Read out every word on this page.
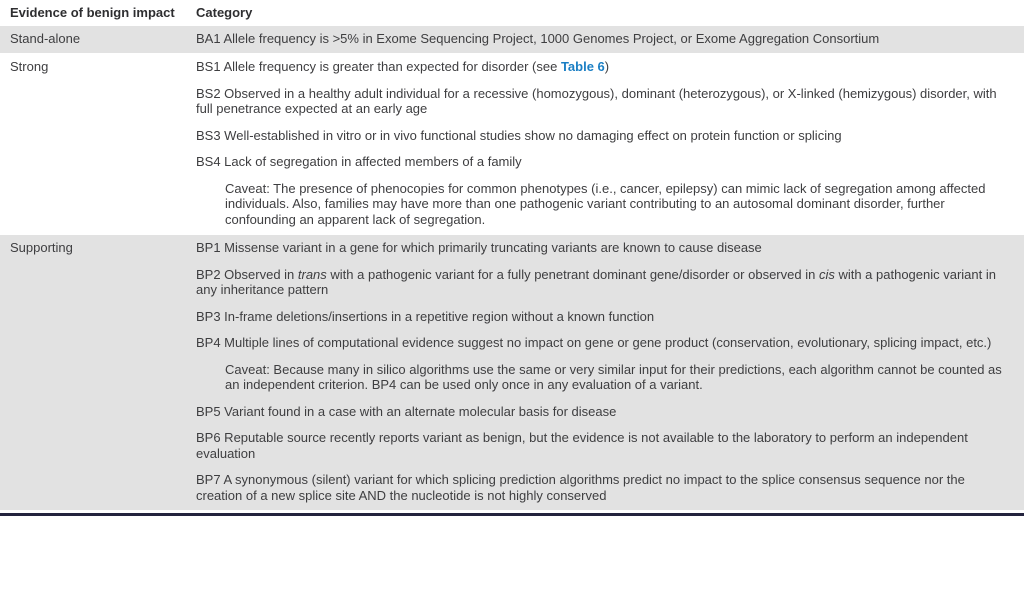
Evidence of benign impact	Category
Stand-alone	BA1 Allele frequency is >5% in Exome Sequencing Project, 1000 Genomes Project, or Exome Aggregation Consortium
Strong	BS1 Allele frequency is greater than expected for disorder (see Table 6)
BS2 Observed in a healthy adult individual for a recessive (homozygous), dominant (heterozygous), or X-linked (hemizygous) disorder, with full penetrance expected at an early age
BS3 Well-established in vitro or in vivo functional studies show no damaging effect on protein function or splicing
BS4 Lack of segregation in affected members of a family
Caveat: The presence of phenocopies for common phenotypes (i.e., cancer, epilepsy) can mimic lack of segregation among affected individuals. Also, families may have more than one pathogenic variant contributing to an autosomal dominant disorder, further confounding an apparent lack of segregation.
Supporting	BP1 Missense variant in a gene for which primarily truncating variants are known to cause disease
BP2 Observed in trans with a pathogenic variant for a fully penetrant dominant gene/disorder or observed in cis with a pathogenic variant in any inheritance pattern
BP3 In-frame deletions/insertions in a repetitive region without a known function
BP4 Multiple lines of computational evidence suggest no impact on gene or gene product (conservation, evolutionary, splicing impact, etc.)
Caveat: Because many in silico algorithms use the same or very similar input for their predictions, each algorithm cannot be counted as an independent criterion. BP4 can be used only once in any evaluation of a variant.
BP5 Variant found in a case with an alternate molecular basis for disease
BP6 Reputable source recently reports variant as benign, but the evidence is not available to the laboratory to perform an independent evaluation
BP7 A synonymous (silent) variant for which splicing prediction algorithms predict no impact to the splice consensus sequence nor the creation of a new splice site AND the nucleotide is not highly conserved
